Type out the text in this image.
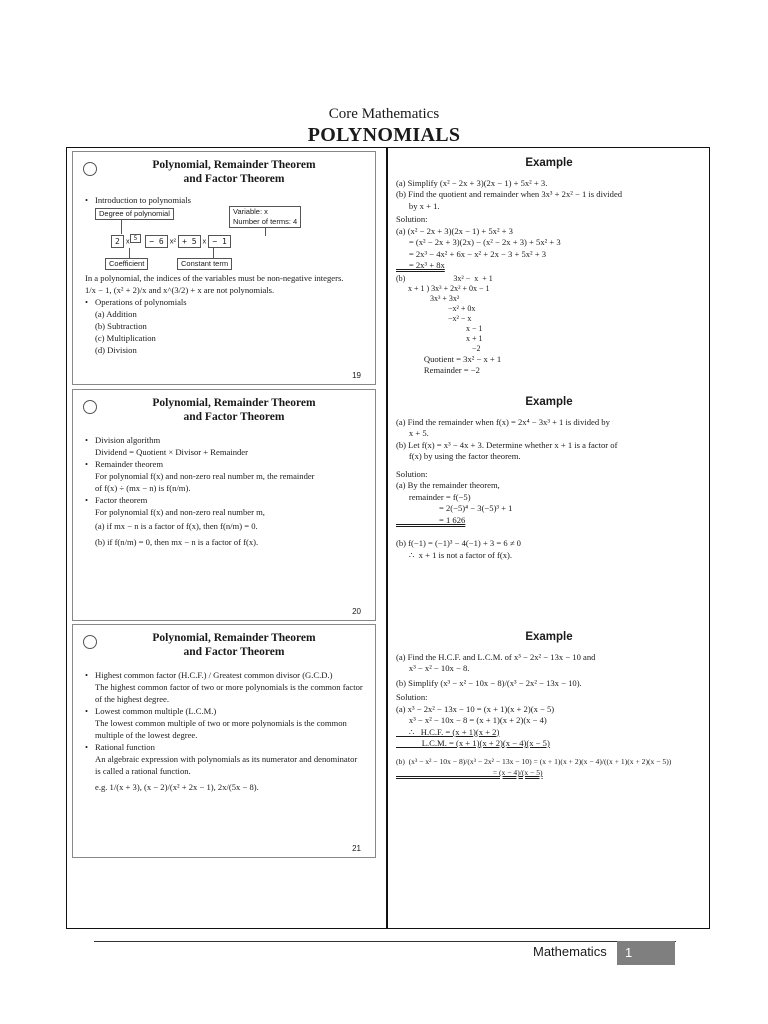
Core Mathematics
POLYNOMIALS
Polynomial, Remainder Theorem
and Factor Theorem
• Introduction to polynomials
Degree of polynomial	Variable: x
Number of terms: 4
2 x $^5$ − 6 x² + 5 x − 1
Coefficient	Constant term
In a polynomial, the indices of the variables must be non-negative integers.
1/x − 1, (x² + 2)/x and x^(3/2) + x are not polynomials.
• Operations of polynomials
(a) Addition
(b) Subtraction
(c) Multiplication
(d) Division
19
Polynomial, Remainder Theorem
and Factor Theorem
• Division algorithm
Dividend = Quotient × Divisor + Remainder
• Remainder theorem
For polynomial f(x) and non-zero real number m, the remainder
of f(x) ÷ (mx − n) is f(n/m).
• Factor theorem
For polynomial f(x) and non-zero real number m,
(a) if mx − n is a factor of f(x), then f(n/m) = 0.
(b) if f(n/m) = 0, then mx − n is a factor of f(x).
20
Polynomial, Remainder Theorem
and Factor Theorem
• Highest common factor (H.C.F.) / Greatest common divisor (G.C.D.)
The highest common factor of two or more polynomials is the common factor of the highest degree.
• Lowest common multiple (L.C.M.)
The lowest common multiple of two or more polynomials is the common multiple of the lowest degree.
• Rational function
An algebraic expression with polynomials as its numerator and denominator is called a rational function.
e.g. 1/(x + 3), (x − 2)/(x² + 2x − 1), 2x/(5x − 8).
21
Example
(a) Simplify (x² − 2x + 3)(2x − 1) + 5x² + 3.
(b) Find the quotient and remainder when 3x³ + 2x² − 1 is divided
by x + 1.
Solution:
(a) (x² − 2x + 3)(2x − 1) + 5x² + 3
= (x² − 2x + 3)(2x) − (x² − 2x + 3) + 5x² + 3
= 2x³ − 4x² + 6x − x² + 2x − 3 + 5x² + 3
= 2x³ + 8x
(b)                        3x² −  x  + 1
x + 1 ) 3x³ + 2x² + 0x − 1
3x³ + 3x²
−x² + 0x
−x² − x
x − 1
x + 1
−2
Quotient = 3x² − x + 1
Remainder = −2
Example
(a) Find the remainder when f(x) = 2x⁴ − 3x³ + 1 is divided by
x + 5.
(b) Let f(x) = x³ − 4x + 3. Determine whether x + 1 is a factor of
f(x) by using the factor theorem.
Solution:
(a) By the remainder theorem,
remainder = f(−5)
= 2(−5)⁴ − 3(−5)³ + 1
= 1 626
(b) f(−1) = (−1)³ − 4(−1) + 3 = 6 ≠ 0
∴  x + 1 is not a factor of f(x).
Example
(a) Find the H.C.F. and L.C.M. of x³ − 2x² − 13x − 10 and
x³ − x² − 10x − 8.
(b) Simplify (x³ − x² − 10x − 8)/(x³ − 2x² − 13x − 10).
Solution:
(a) x³ − 2x² − 13x − 10 = (x + 1)(x + 2)(x − 5)
x³ − x² − 10x − 8 = (x + 1)(x + 2)(x − 4)
∴   H.C.F. = (x + 1)(x + 2)
L.C.M. = (x + 1)(x + 2)(x − 4)(x − 5)
(b)  (x³ − x² − 10x − 8)/(x³ − 2x² − 13x − 10) = (x + 1)(x + 2)(x − 4)/((x + 1)(x + 2)(x − 5))
= (x − 4)/(x − 5)
Mathematics	1
